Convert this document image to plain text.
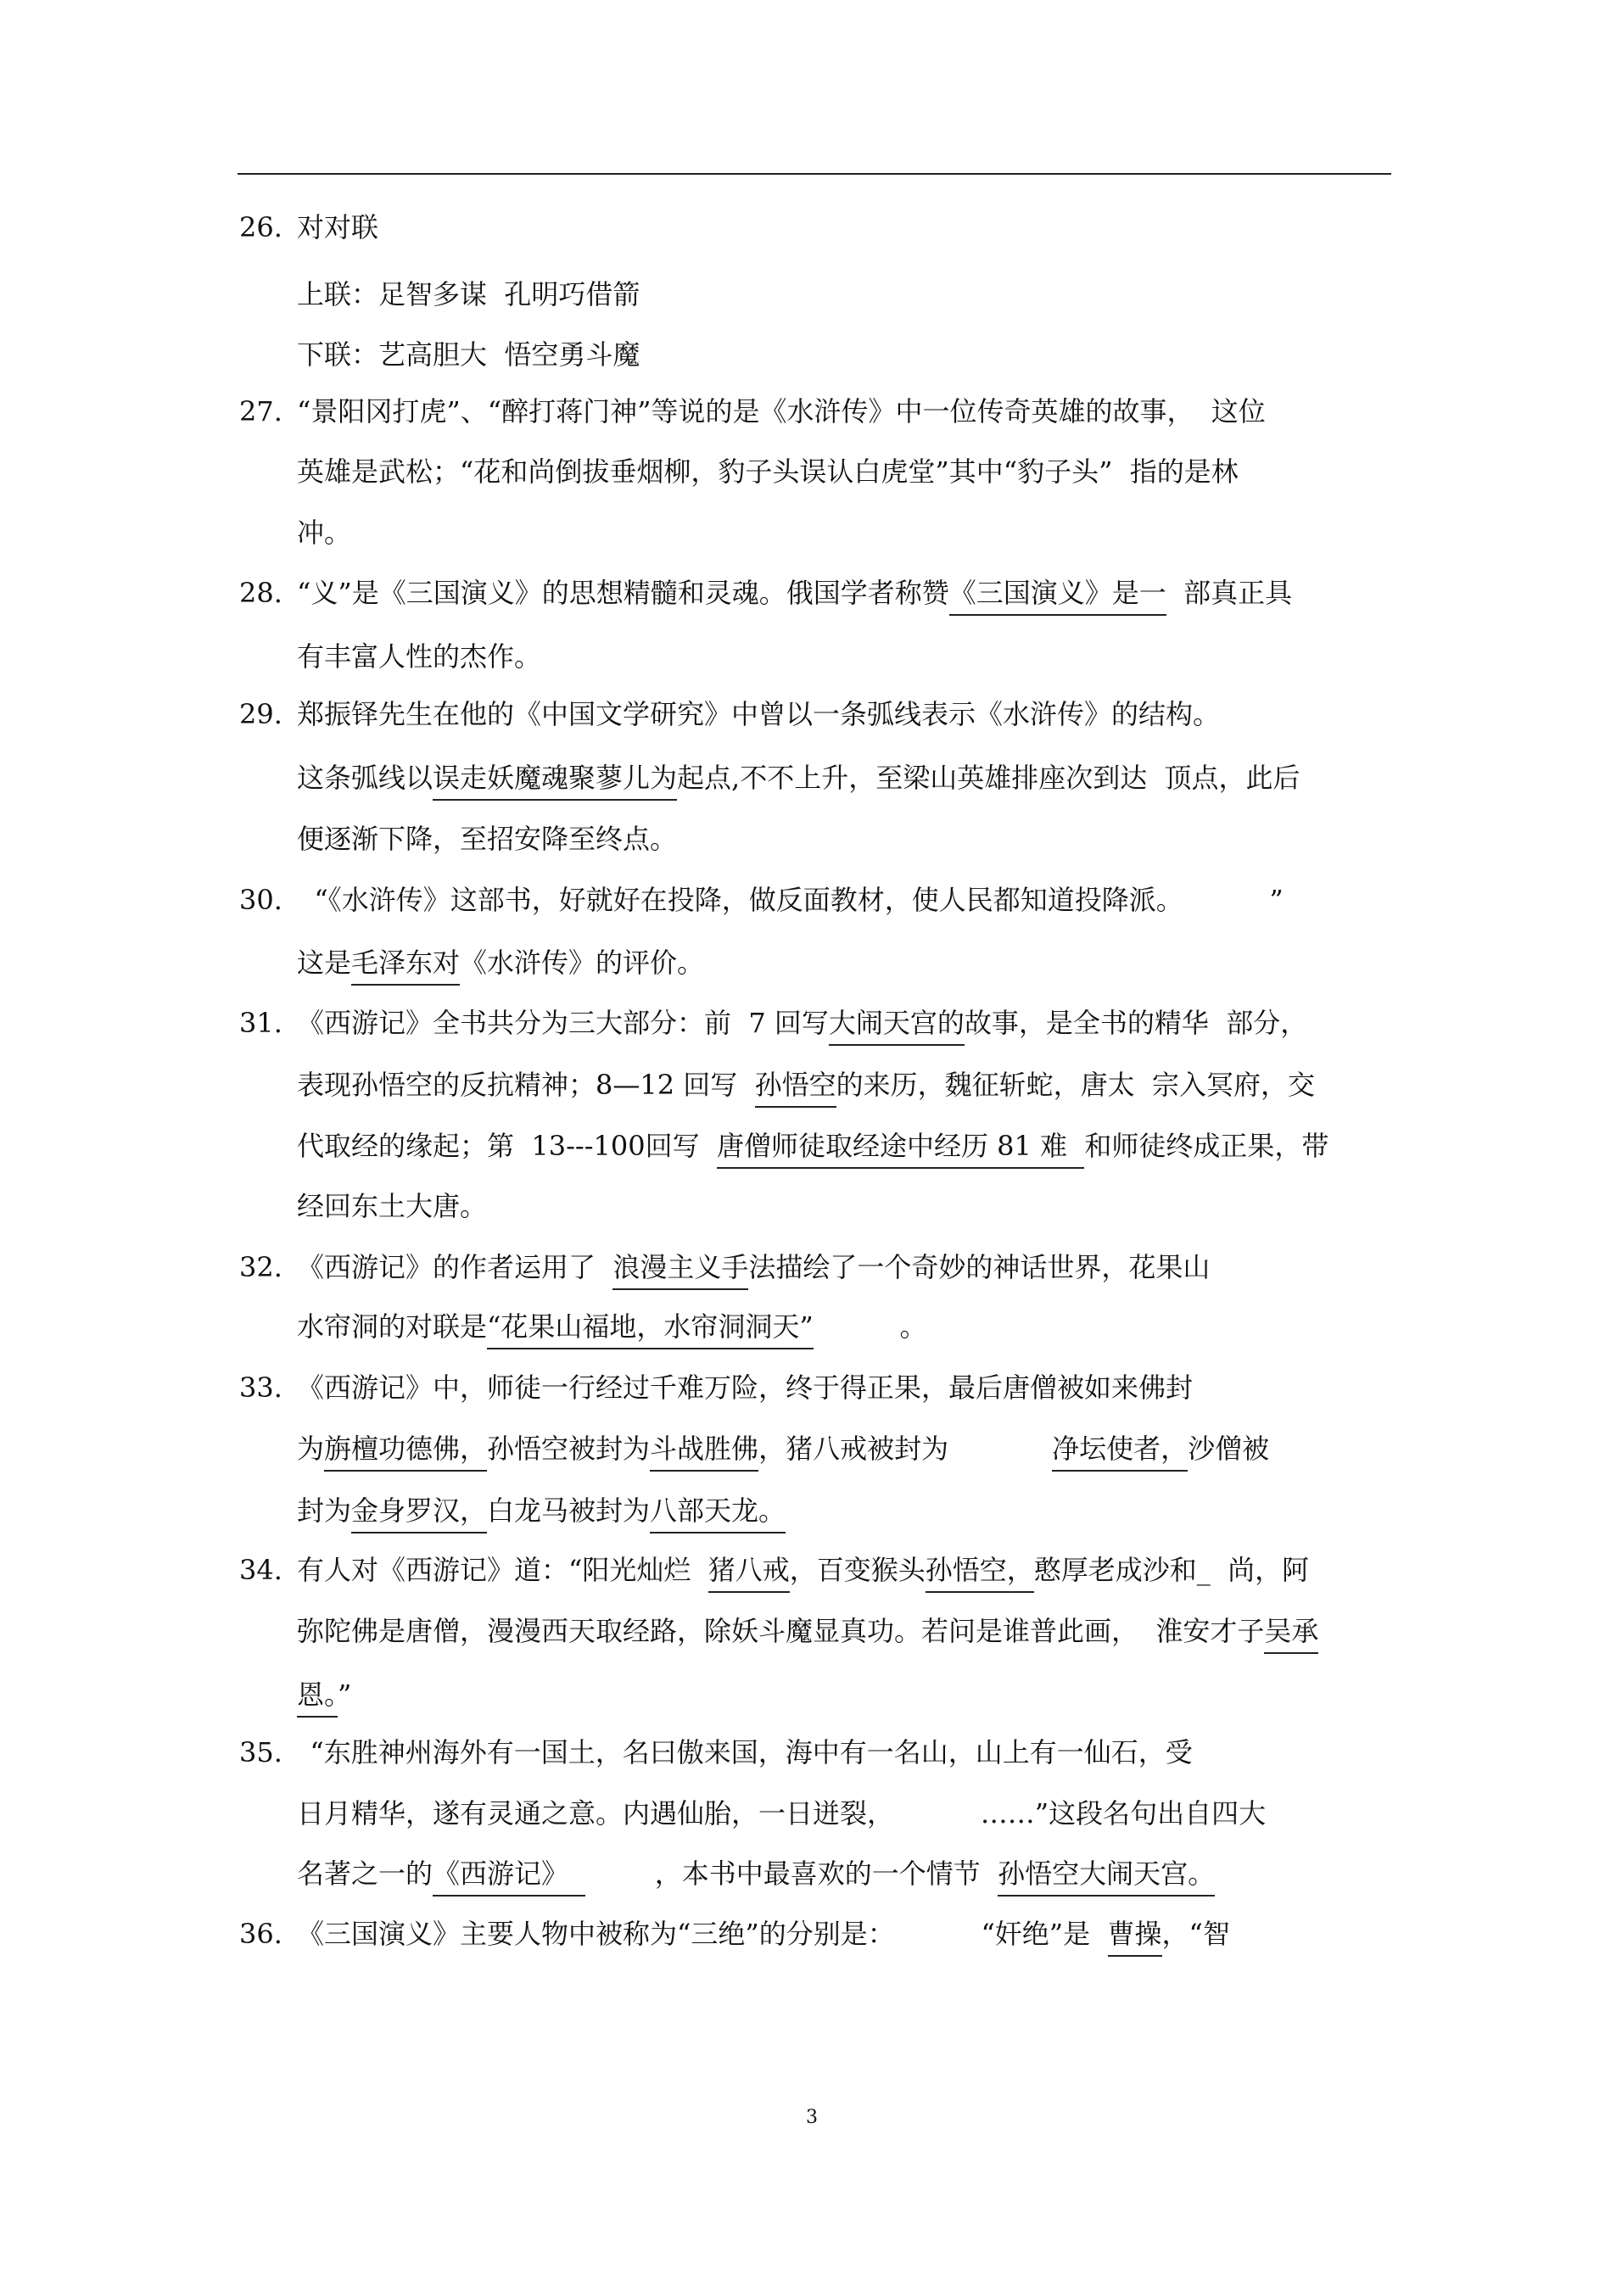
26. 对对联
上联：足智多谋  孔明巧借箭
下联：艺高胆大  悟空勇斗魔
27. “景阳冈打虎”、“醉打蒋门神”等说的是《水浒传》中一位传奇英雄的故事，  这位
英雄是武松；“花和尚倒拔垂烟柳，豹子头误认白虎堂”其中“豹子头”  指的是林
冲。
28. “义”是《三国演义》的思想精髓和灵魂。俄国学者称赞《三国演义》是一  部真正具
有丰富人性的杰作。
29. 郑振铎先生在他的《中国文学研究》中曾以一条弧线表示《水浒传》的结构。
这条弧线以误走妖魔魂聚蓼儿为起点,不不上升，至梁山英雄排座次到达  顶点，此后
便逐渐下降，至招安降至终点。
30. “《水浒传》这部书，好就好在投降，做反面教材，使人民都知道投降派。          ”
这是毛泽东对《水浒传》的评价。
31. 《西游记》全书共分为三大部分：前  7 回写大闹天宫的故事，是全书的精华  部分，
表现孙悟空的反抗精神；8—12 回写  孙悟空的来历，魏征斩蛇，唐太  宗入冥府，交
代取经的缘起；第  13---100回写  唐僧师徒取经途中经历 81 难  和师徒终成正果，带
经回东土大唐。
32. 《西游记》的作者运用了  浪漫主义手法描绘了一个奇妙的神话世界，花果山
水帘洞的对联是“花果山福地，水帘洞洞天”          。
33. 《西游记》中，师徒一行经过千难万险，终于得正果，最后唐僧被如来佛封
为旃檀功德佛，孙悟空被封为斗战胜佛，猪八戒被封为            净坛使者，沙僧被
封为金身罗汉，白龙马被封为八部天龙。
34. 有人对《西游记》道：“阳光灿烂  猪八戒，百变猴头孙悟空，憨厚老成沙和_  尚，阿
弥陀佛是唐僧，漫漫西天取经路，除妖斗魔显真功。若问是谁普此画，  淮安才子吴承
恩。”
35. “东胜神州海外有一国土，名曰傲来国，海中有一名山，山上有一仙石，受
日月精华，遂有灵通之意。内遇仙胎，一日迸裂，          ……”这段名句出自四大
名著之一的《西游记》          ，本书中最喜欢的一个情节  孙悟空大闹天宫。
36. 《三国演义》主要人物中被称为“三绝”的分别是：          “奸绝”是  曹操，“智
3
